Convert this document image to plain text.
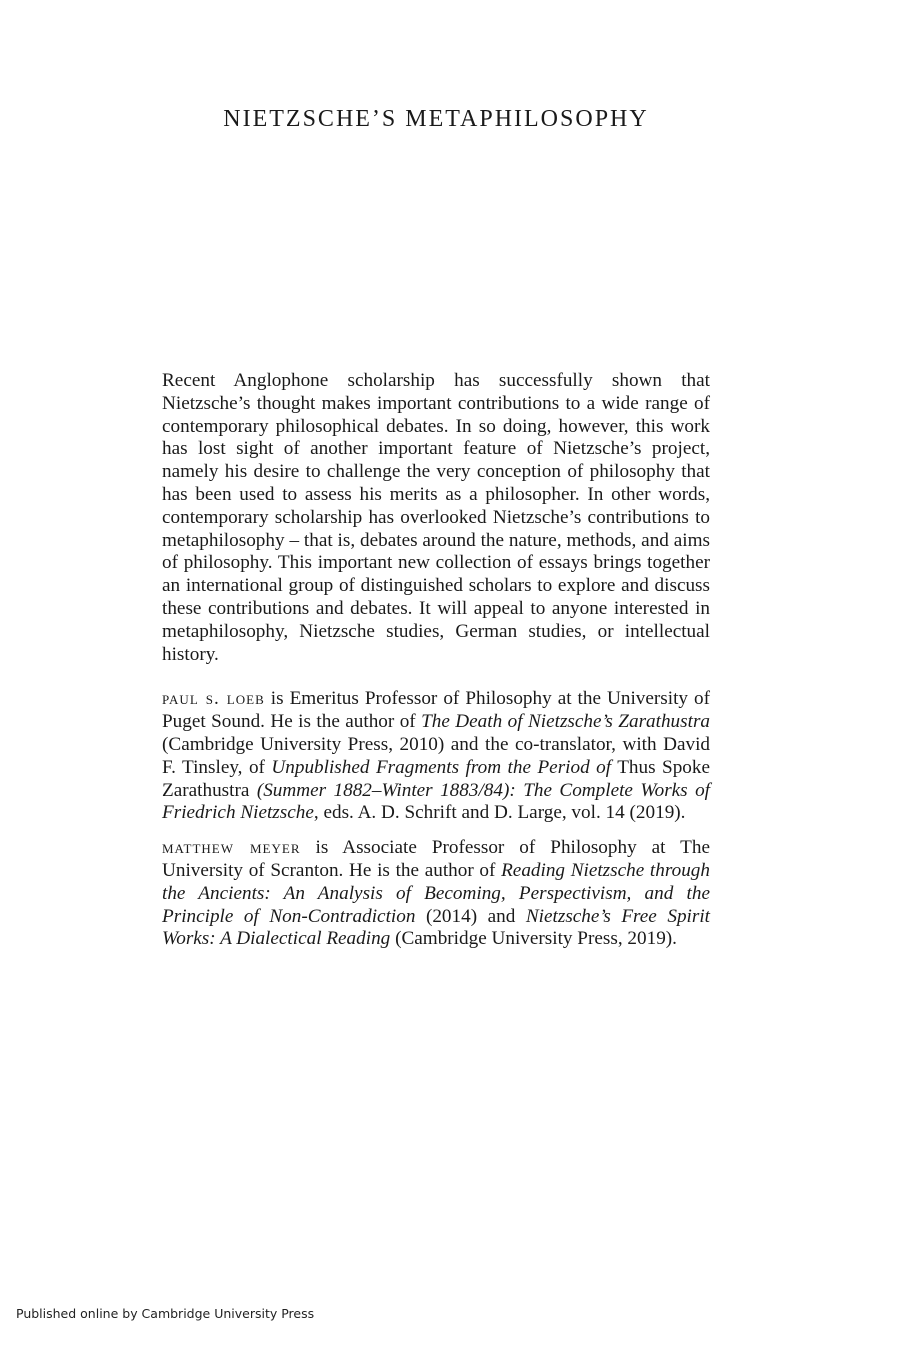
NIETZSCHE’S METAPHILOSOPHY

Recent Anglophone scholarship has successfully shown that Nietzsche’s thought makes important contributions to a wide range of contemporary philosophical debates. In so doing, however, this work has lost sight of another important feature of Nietzsche’s project, namely his desire to challenge the very conception of philosophy that has been used to assess his merits as a philosopher. In other words, contemporary scholarship has overlooked Nietzsche’s contributions to metaphilosophy – that is, debates around the nature, methods, and aims of philosophy. This important new collection of essays brings together an international group of distinguished scholars to explore and discuss these contributions and debates. It will appeal to anyone interested in metaphilosophy, Nietzsche studies, German studies, or intellectual history.

paul s. loeb is Emeritus Professor of Philosophy at the University of Puget Sound. He is the author of The Death of Nietzsche’s Zarathustra (Cambridge University Press, 2010) and the co-translator, with David F. Tinsley, of Unpublished Fragments from the Period of Thus Spoke Zarathustra (Summer 1882–Winter 1883/84): The Complete Works of Friedrich Nietzsche, eds. A. D. Schrift and D. Large, vol. 14 (2019).

matthew meyer is Associate Professor of Philosophy at The University of Scranton. He is the author of Reading Nietzsche through the Ancients: An Analysis of Becoming, Perspectivism, and the Principle of Non-Contradiction (2014) and Nietzsche’s Free Spirit Works: A Dialectical Reading (Cambridge University Press, 2019).

Published online by Cambridge University Press
